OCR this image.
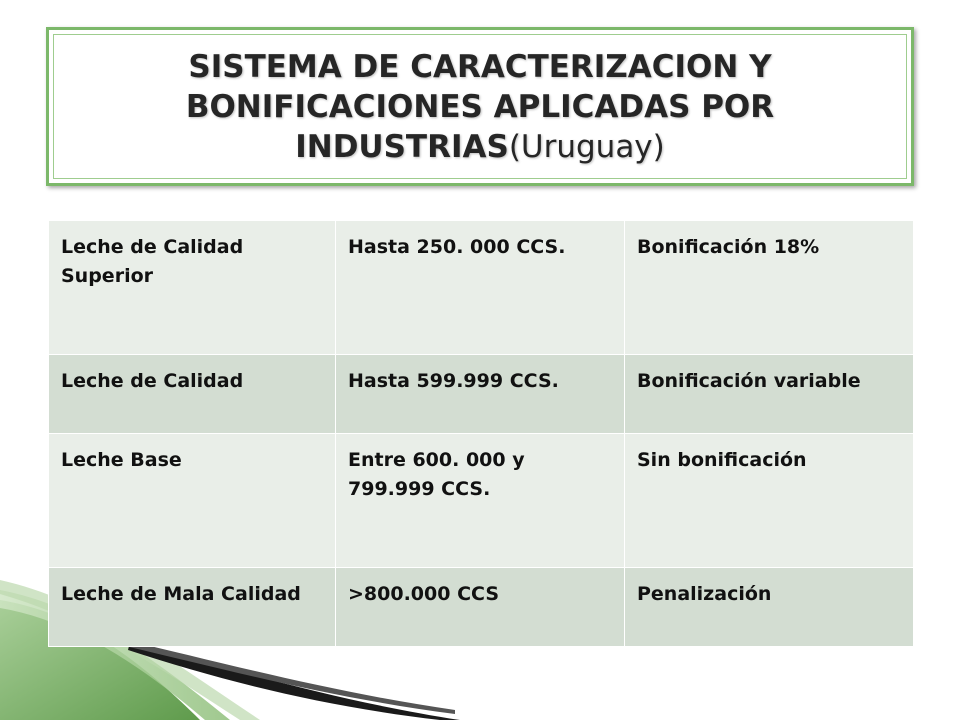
SISTEMA DE CARACTERIZACION Y
BONIFICACIONES APLICADAS POR
INDUSTRIAS(Uruguay)
Leche de Calidad Superior	Hasta 250. 000 CCS.	Bonificación 18%
Leche de Calidad	Hasta 599.999 CCS.	Bonificación variable
Leche Base	Entre 600. 000 y 799.999 CCS.	Sin bonificación
Leche de Mala Calidad	>800.000 CCS	Penalización
